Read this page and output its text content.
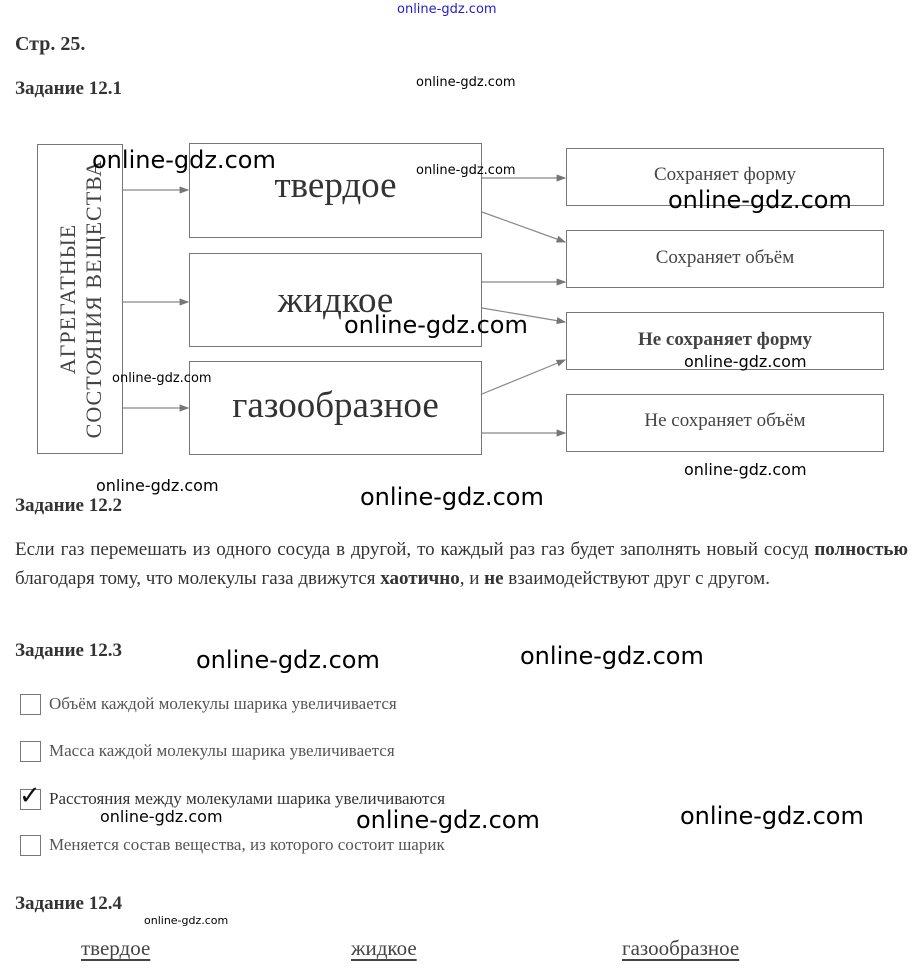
online-gdz.com
Стр. 25.
Задание 12.1
АГРЕГАТНЫЕ СОСТОЯНИЯ ВЕЩЕСТВА	твердое
жидкое
газообразное
Сохраняет форму
Сохраняет объём
Не сохраняет форму
Не сохраняет объём
Задание 12.2
Если газ перемешать из одного сосуда в другой, то каждый раз газ будет заполнять новый сосуд полностью благодаря тому, что молекулы газа движутся хаотично, и не взаимодействуют друг с другом.
Задание 12.3
Объём каждой молекулы шарика увеличивается
Масса каждой молекулы шарика увеличивается
✓ Расстояния между молекулами шарика увеличиваются
Меняется состав вещества, из которого состоит шарик
Задание 12.4
твердое	жидкое	газообразное
online-gdz.com
online-gdz.com	online-gdz.com
online-gdz.com
online-gdz.com
online-gdz.com
online-gdz.com
online-gdz.com
online-gdz.com	online-gdz.com
online-gdz.com	online-gdz.com
online-gdz.com	online-gdz.com
online-gdz.com
online-gdz.com
